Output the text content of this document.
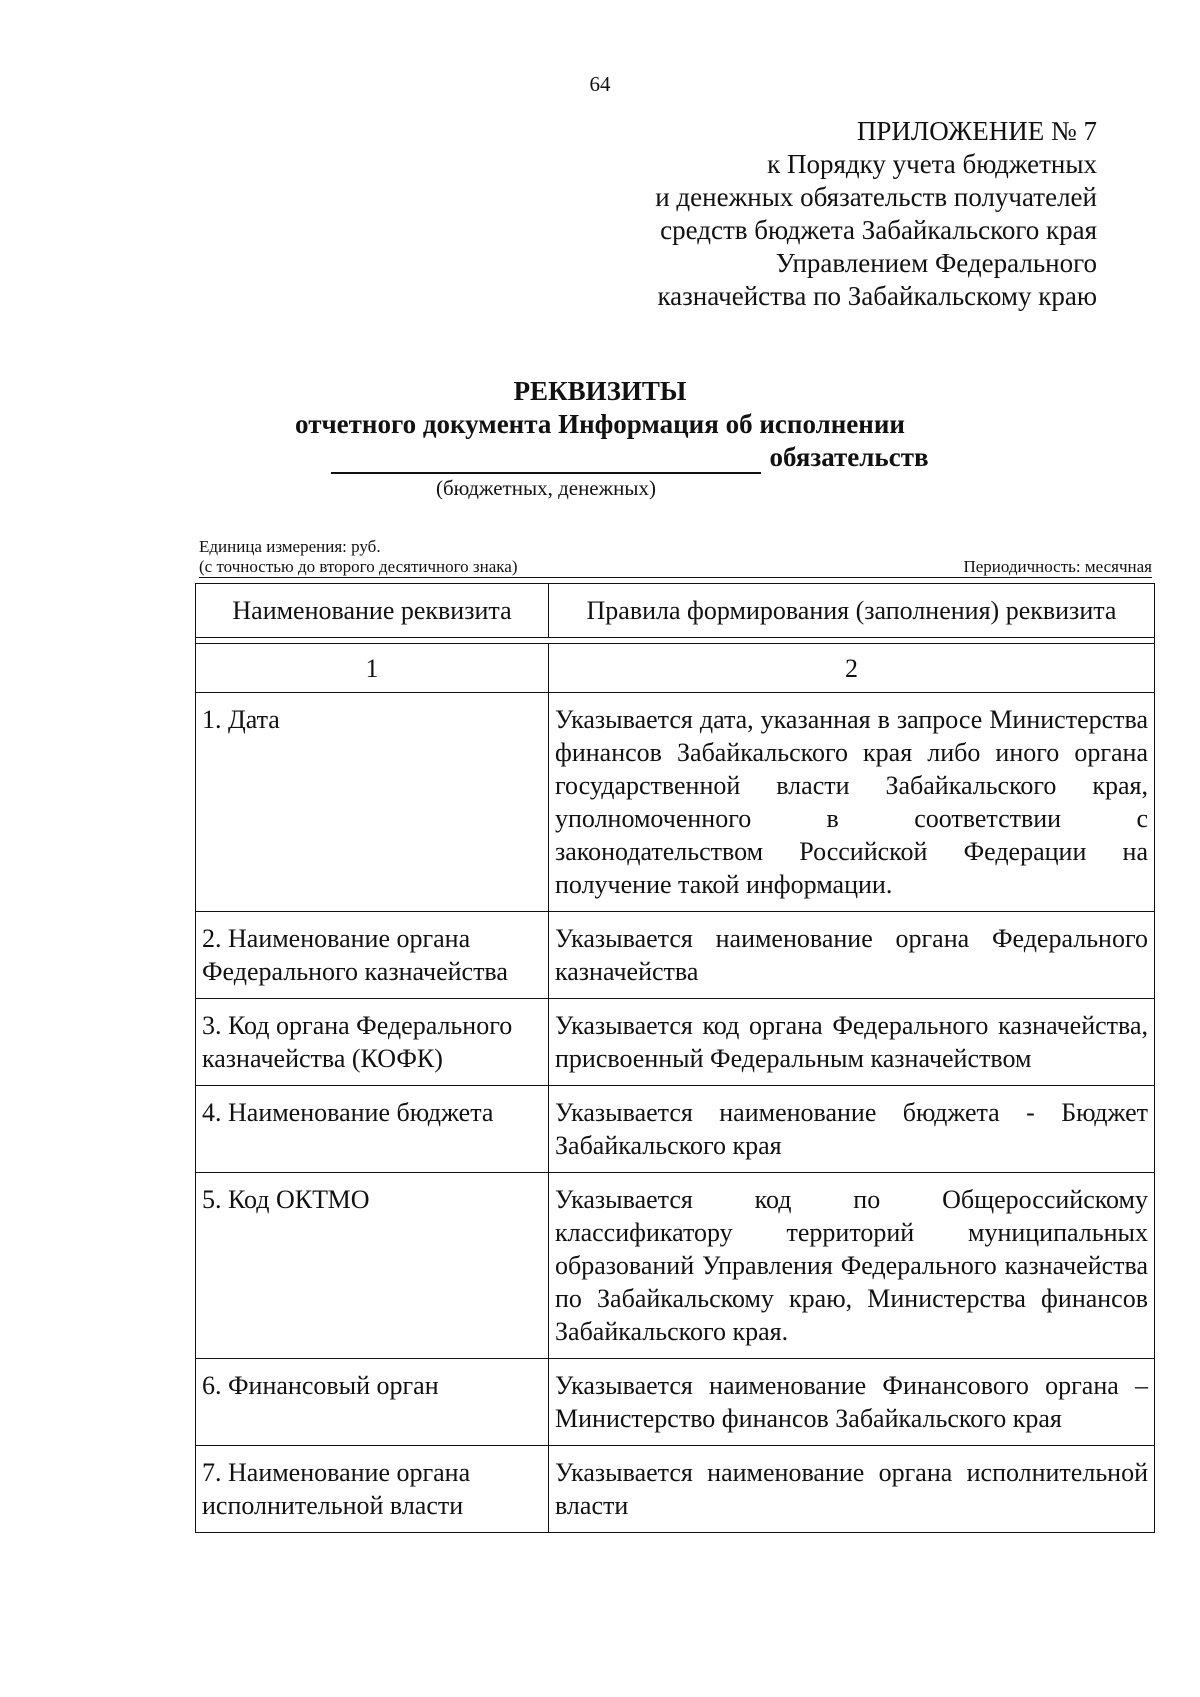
64
ПРИЛОЖЕНИЕ № 7
к Порядку учета бюджетных
и денежных обязательств получателей
средств бюджета Забайкальского края
Управлением Федерального
казначейства по Забайкальскому краю
РЕКВИЗИТЫ
отчетного документа Информация об исполнении
обязательств
(бюджетных, денежных)
Единица измерения: руб.
(с точностью до второго десятичного знака)	Периодичность: месячная
Наименование реквизита	Правила формирования (заполнения) реквизита

1	2
1. Дата	Указывается дата, указанная в запросе Министерства финансов Забайкальского края либо иного органа государственной власти Забайкальского края, уполномоченного в соответствии с законодательством Российской Федерации на получение такой информации.
2. Наименование органа Федерального казначейства	Указывается наименование органа Федерального казначейства
3. Код органа Федерального казначейства (КОФК)	Указывается код органа Федерального казначейства, присвоенный Федеральным казначейством
4. Наименование бюджета	Указывается наименование бюджета - Бюджет Забайкальского края
5. Код ОКТМО	Указывается код по Общероссийскому классификатору территорий муниципальных образований Управления Федерального казначейства по Забайкальскому краю, Министерства финансов Забайкальского края.
6. Финансовый орган	Указывается наименование Финансового органа – Министерство финансов Забайкальского края
7. Наименование органа исполнительной власти	Указывается наименование органа исполнительной власти
